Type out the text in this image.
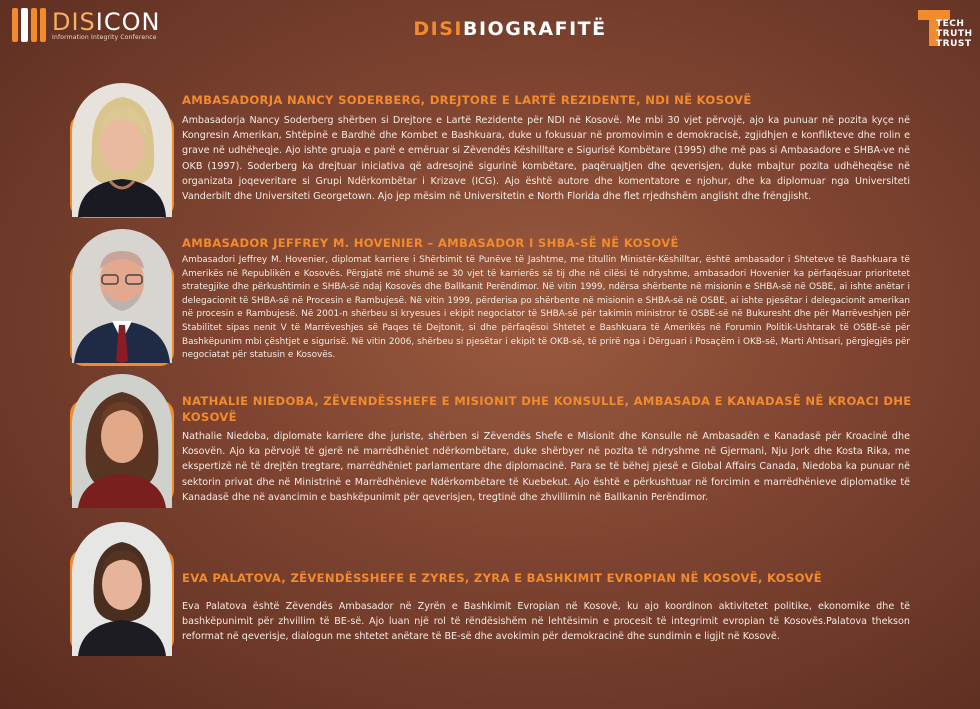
DISICON
Information Integrity Conference	DISIBIOGRAFITË	TECH
TRUTH
TRUST
AMBASADORJA NANCY SODERBERG, DREJTORE E LARTË REZIDENTE, NDI NË KOSOVË
Ambasadorja Nancy Soderberg shërben si Drejtore e Lartë Rezidente për NDI në Kosovë. Me mbi 30 vjet përvojë, ajo ka punuar në pozita kyçe në Kongresin Amerikan, Shtëpinë e Bardhë dhe Kombet e Bashkuara, duke u fokusuar në promovimin e demokracisë, zgjidhjen e konflikteve dhe rolin e grave në udhëheqje. Ajo ishte gruaja e parë e emëruar si Zëvendës Këshilltare e Sigurisë Kombëtare (1995) dhe më pas si Ambasadore e SHBA-ve në OKB (1997). Soderberg ka drejtuar iniciativa që adresojnë sigurinë kombëtare, paqëruajtjen dhe qeverisjen, duke mbajtur pozita udhëheqëse në organizata joqeveritare si Grupi Ndërkombëtar i Krizave (ICG). Ajo është autore dhe komentatore e njohur, dhe ka diplomuar nga Universiteti Vanderbilt dhe Universiteti Georgetown. Ajo jep mësim në Universitetin e North Florida dhe flet rrjedhshëm anglisht dhe frëngjisht.
AMBASADOR JEFFREY M. HOVENIER – AMBASADOR I SHBA-SË NË KOSOVË
Ambasadori Jeffrey M. Hovenier, diplomat karriere i Shërbimit të Punëve të Jashtme, me titullin Ministër-Këshilltar, është ambasador i Shteteve të Bashkuara të Amerikës në Republikën e Kosovës. Përgjatë më shumë se 30 vjet të karrierës së tij dhe në cilësi të ndryshme, ambasadori Hovenier ka përfaqësuar prioritetet strategjike dhe përkushtimin e SHBA-së ndaj Kosovës dhe Ballkanit Perëndimor. Në vitin 1999, ndërsa shërbente në misionin e SHBA-së në OSBE, ai ishte anëtar i delegacionit të SHBA-së në Procesin e Rambujesë. Në vitin 1999, përderisa po shërbente në misionin e SHBA-së në OSBE, ai ishte pjesëtar i delegacionit amerikan në procesin e Rambujesë. Në 2001-n shërbeu si kryesues i ekipit negociator të SHBA-së për takimin ministror të OSBE-së në Bukuresht dhe për Marrëveshjen për Stabilitet sipas nenit V të Marrëveshjes së Paqes të Dejtonit, si dhe përfaqësoi Shtetet e Bashkuara të Amerikës në Forumin Politik-Ushtarak të OSBE-së për Bashkëpunim mbi çështjet e sigurisë. Në vitin 2006, shërbeu si pjesëtar i ekipit të OKB-së, të prirë nga i Dërguari i Posaçëm i OKB-së, Marti Ahtisari, përgjegjës për negociatat për statusin e Kosovës.
NATHALIE NIEDOBA, ZËVENDËSSHEFE E MISIONIT DHE KONSULLE, AMBASADA E KANADASË NË KROACI DHE KOSOVË
Nathalie Niedoba, diplomate karriere dhe juriste, shërben si Zëvendës Shefe e Misionit dhe Konsulle në Ambasadën e Kanadasë për Kroacinë dhe Kosovën. Ajo ka përvojë të gjerë në marrëdhëniet ndërkombëtare, duke shërbyer në pozita të ndryshme në Gjermani, Nju Jork dhe Kosta Rika, me ekspertizë në të drejtën tregtare, marrëdhëniet parlamentare dhe diplomacinë. Para se të bëhej pjesë e Global Affairs Canada, Niedoba ka punuar në sektorin privat dhe në Ministrinë e Marrëdhënieve Ndërkombëtare të Kuebekut. Ajo është e përkushtuar në forcimin e marrëdhënieve diplomatike të Kanadasë dhe në avancimin e bashkëpunimit për qeverisjen, tregtinë dhe zhvillimin në Ballkanin Perëndimor.
EVA PALATOVA, ZËVENDËSSHEFE E ZYRES, ZYRA E BASHKIMIT EVROPIAN NË KOSOVË, KOSOVË
Eva Palatova është Zëvendës Ambasador në Zyrën e Bashkimit Evropian në Kosovë, ku ajo koordinon aktivitetet politike, ekonomike dhe të bashkëpunimit për zhvillim të BE-së. Ajo luan një rol të rëndësishëm në lehtësimin e procesit të integrimit evropian të Kosovës.Palatova thekson reformat në qeverisje, dialogun me shtetet anëtare të BE-së dhe avokimin për demokracinë dhe sundimin e ligjit në Kosovë.
